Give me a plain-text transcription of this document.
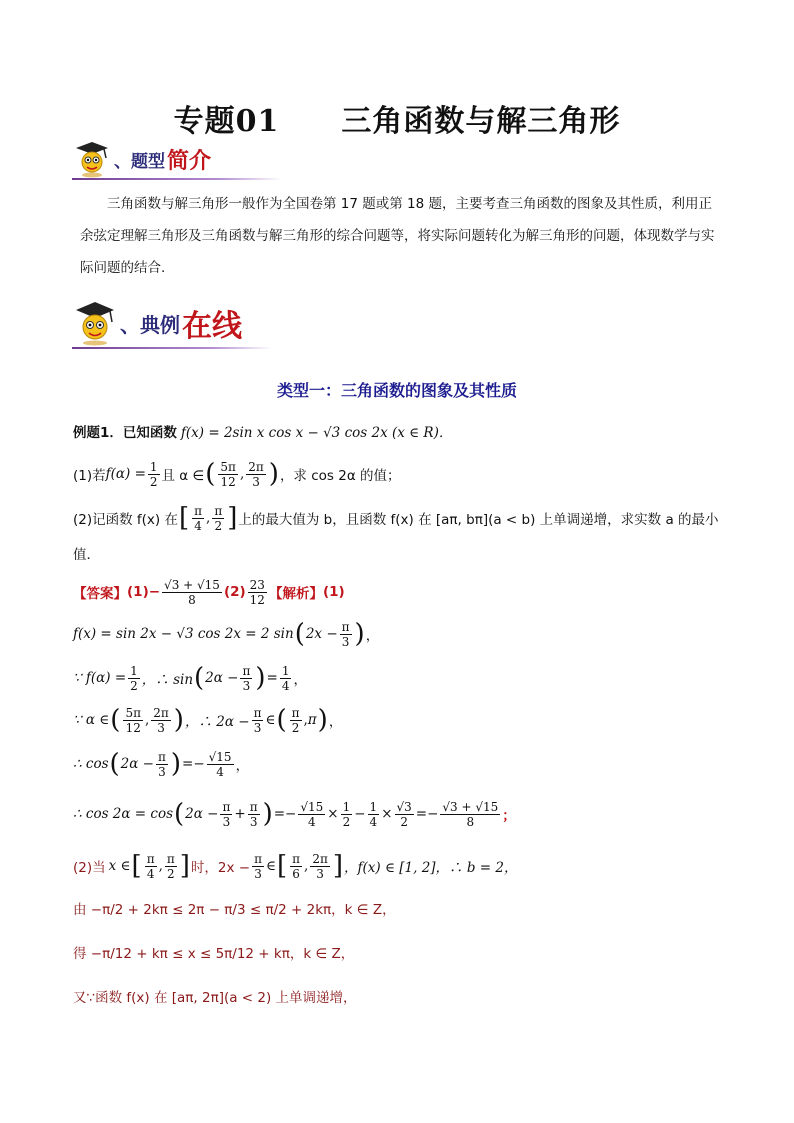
专题01　　三角函数与解三角形
、题型 简介

三角函数与解三角形一般作为全国卷第 17 题或第 18 题，主要考查三角函数的图象及其性质，利用正余弦定理解三角形及三角函数与解三角形的综合问题等，将实际问题转化为解三角形的问题，体现数学与实际问题的结合.

、典例 在线
类型一：三角函数的图象及其性质
例题1．已知函数 f(x) = 2sin x cos x − √3 cos 2x (x ∈ R)．
(1)若 $f(\alpha) = \frac{1}{2}$ 且 α ∈ ( $\frac{5\pi}{12}$ , $\frac{2\pi}{3}$ ) ，求 cos 2α 的值；
(2)记函数 f(x) 在 [ $\frac{\pi}{4}$ , $\frac{\pi}{2}$ ] 上的最大值为 b，且函数 f(x) 在 [aπ, bπ](a < b) 上单调递增，求实数 a 的最小
值．
【答案】 $(1) - \frac{√3 + √15}{8} (2) \frac{23}{12}$ 【解析】 (1)
f(x) = sin 2x − √3 cos 2x = 2 sin ( $2x - \frac{\pi}{3}$ ) ，
∵ $f(\alpha) = \frac{1}{2}$ ，∴ sin ( $2\alpha - \frac{\pi}{3}$ ) = $\frac{1}{4}$ ，
∵ α ∈ ( $\frac{5\pi}{12}$ , $\frac{2\pi}{3}$ ) ，∴ $2\alpha - \frac{\pi}{3}$ ∈ ( $\frac{\pi}{2}$ , π ) ，
∴ cos ( $2\alpha - \frac{\pi}{3}$ ) = − $\frac{√15}{4}$ ，
∴ cos 2α = cos ( $2\alpha - \frac{\pi}{3} + \frac{\pi}{3}$ ) = − $\frac{√15}{4} \times \frac{1}{2} - \frac{1}{4} \times \frac{√3}{2}$ = − $\frac{√3 + √15}{8}$ ；
(2)当 x ∈ [ $\frac{\pi}{4}$ , $\frac{\pi}{2}$ ] 时，$2x - \frac{\pi}{3}$ ∈ [ $\frac{\pi}{6}$ , $\frac{2\pi}{3}$ ] ，f(x) ∈ [1, 2]，∴ b = 2，
由 −π/2 + 2kπ ≤ 2π − π/3 ≤ π/2 + 2kπ，k ∈ Z，
得 −π/12 + kπ ≤ x ≤ 5π/12 + kπ，k ∈ Z，
又∵函数 f(x) 在 [aπ, 2π](a < 2) 上单调递增，
